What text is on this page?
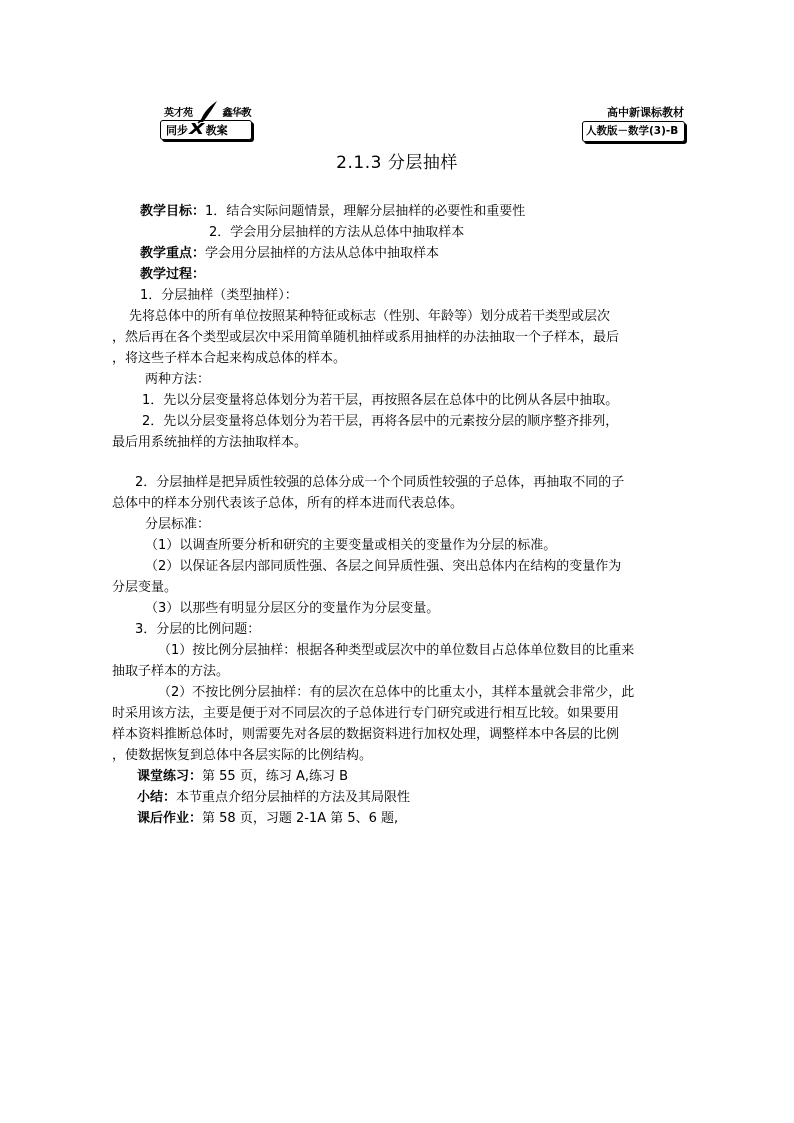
英才苑	鑫华教
同步X教案
高中新课标教材
人教版－数学(3)-B
2.1.3 分层抽样
教学目标：1．结合实际问题情景，理解分层抽样的必要性和重要性
2．学会用分层抽样的方法从总体中抽取样本
教学重点：学会用分层抽样的方法从总体中抽取样本
教学过程：
1．分层抽样（类型抽样）：
先将总体中的所有单位按照某种特征或标志（性别、年龄等）划分成若干类型或层次
，然后再在各个类型或层次中采用简单随机抽样或系用抽样的办法抽取一个子样本，最后
，将这些子样本合起来构成总体的样本。
两种方法：
1．先以分层变量将总体划分为若干层，再按照各层在总体中的比例从各层中抽取。
2．先以分层变量将总体划分为若干层，再将各层中的元素按分层的顺序整齐排列，
最后用系统抽样的方法抽取样本。
2．分层抽样是把异质性较强的总体分成一个个同质性较强的子总体，再抽取不同的子
总体中的样本分别代表该子总体，所有的样本进而代表总体。
分层标准：
（1）以调查所要分析和研究的主要变量或相关的变量作为分层的标准。
（2）以保证各层内部同质性强、各层之间异质性强、突出总体内在结构的变量作为
分层变量。
（3）以那些有明显分层区分的变量作为分层变量。
3．分层的比例问题：
（1）按比例分层抽样：根据各种类型或层次中的单位数目占总体单位数目的比重来
抽取子样本的方法。
（2）不按比例分层抽样：有的层次在总体中的比重太小，其样本量就会非常少，此
时采用该方法，主要是便于对不同层次的子总体进行专门研究或进行相互比较。如果要用
样本资料推断总体时，则需要先对各层的数据资料进行加权处理，调整样本中各层的比例
，使数据恢复到总体中各层实际的比例结构。
课堂练习：第 55 页，练习 A,练习 B
小结：本节重点介绍分层抽样的方法及其局限性
课后作业：第 58 页，习题 2-1A 第 5、6 题,
